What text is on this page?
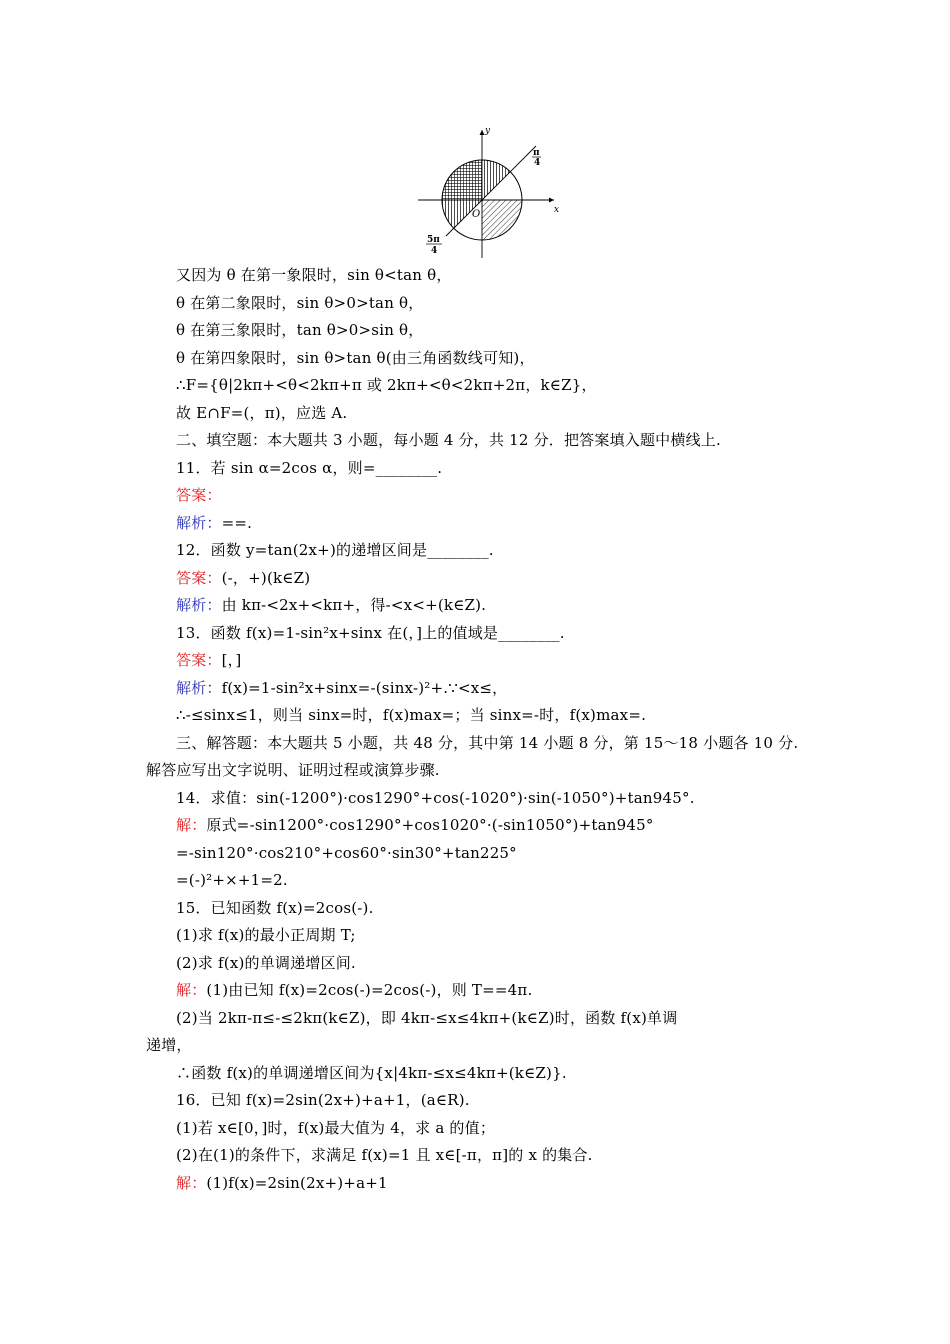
y
x
O
π
4
5π
4
又因为 θ 在第一象限时，sin θ<tan θ，
θ 在第二象限时，sin θ>0>tan θ，
θ 在第三象限时，tan θ>0>sin θ，
θ 在第四象限时，sin θ>tan θ(由三角函数线可知)，
∴F={θ|2kπ+<θ<2kπ+π 或 2kπ+<θ<2kπ+2π，k∈Z}，
故 E∩F=(，π)，应选 A.
二、填空题：本大题共 3 小题，每小题 4 分，共 12 分．把答案填入题中横线上.
11．若 sin α=2cos α，则=________.
答案：
解析：==.
12．函数 y=tan(2x+)的递增区间是________.
答案：(-，+)(k∈Z)
解析：由 kπ-<2x+<kπ+，得-<x<+(k∈Z).
13．函数 f(x)=1-sin²x+sinx 在(，]上的值域是________.
答案：[，]
解析：f(x)=1-sin²x+sinx=-(sinx-)²+.∵<x≤，
∴-≤sinx≤1，则当 sinx=时，f(x)max=；当 sinx=-时，f(x)max=.
三、解答题：本大题共 5 小题，共 48 分，其中第 14 小题 8 分，第 15～18 小题各 10 分.
解答应写出文字说明、证明过程或演算步骤.
14．求值：sin(-1200°)·cos1290°+cos(-1020°)·sin(-1050°)+tan945°.
解：原式=-sin1200°·cos1290°+cos1020°·(-sin1050°)+tan945°
=-sin120°·cos210°+cos60°·sin30°+tan225°
=(-)²+×+1=2.
15．已知函数 f(x)=2cos(-).
(1)求 f(x)的最小正周期 T;
(2)求 f(x)的单调递增区间.
解：(1)由已知 f(x)=2cos(-)=2cos(-)，则 T==4π.
(2)当 2kπ-π≤-≤2kπ(k∈Z)，即 4kπ-≤x≤4kπ+(k∈Z)时，函数 f(x)单调
递增，
∴函数 f(x)的单调递增区间为{x|4kπ-≤x≤4kπ+(k∈Z)}.
16．已知 f(x)=2sin(2x+)+a+1，(a∈R).
(1)若 x∈[0，]时，f(x)最大值为 4，求 a 的值；
(2)在(1)的条件下，求满足 f(x)=1 且 x∈[-π，π]的 x 的集合.
解：(1)f(x)=2sin(2x+)+a+1
